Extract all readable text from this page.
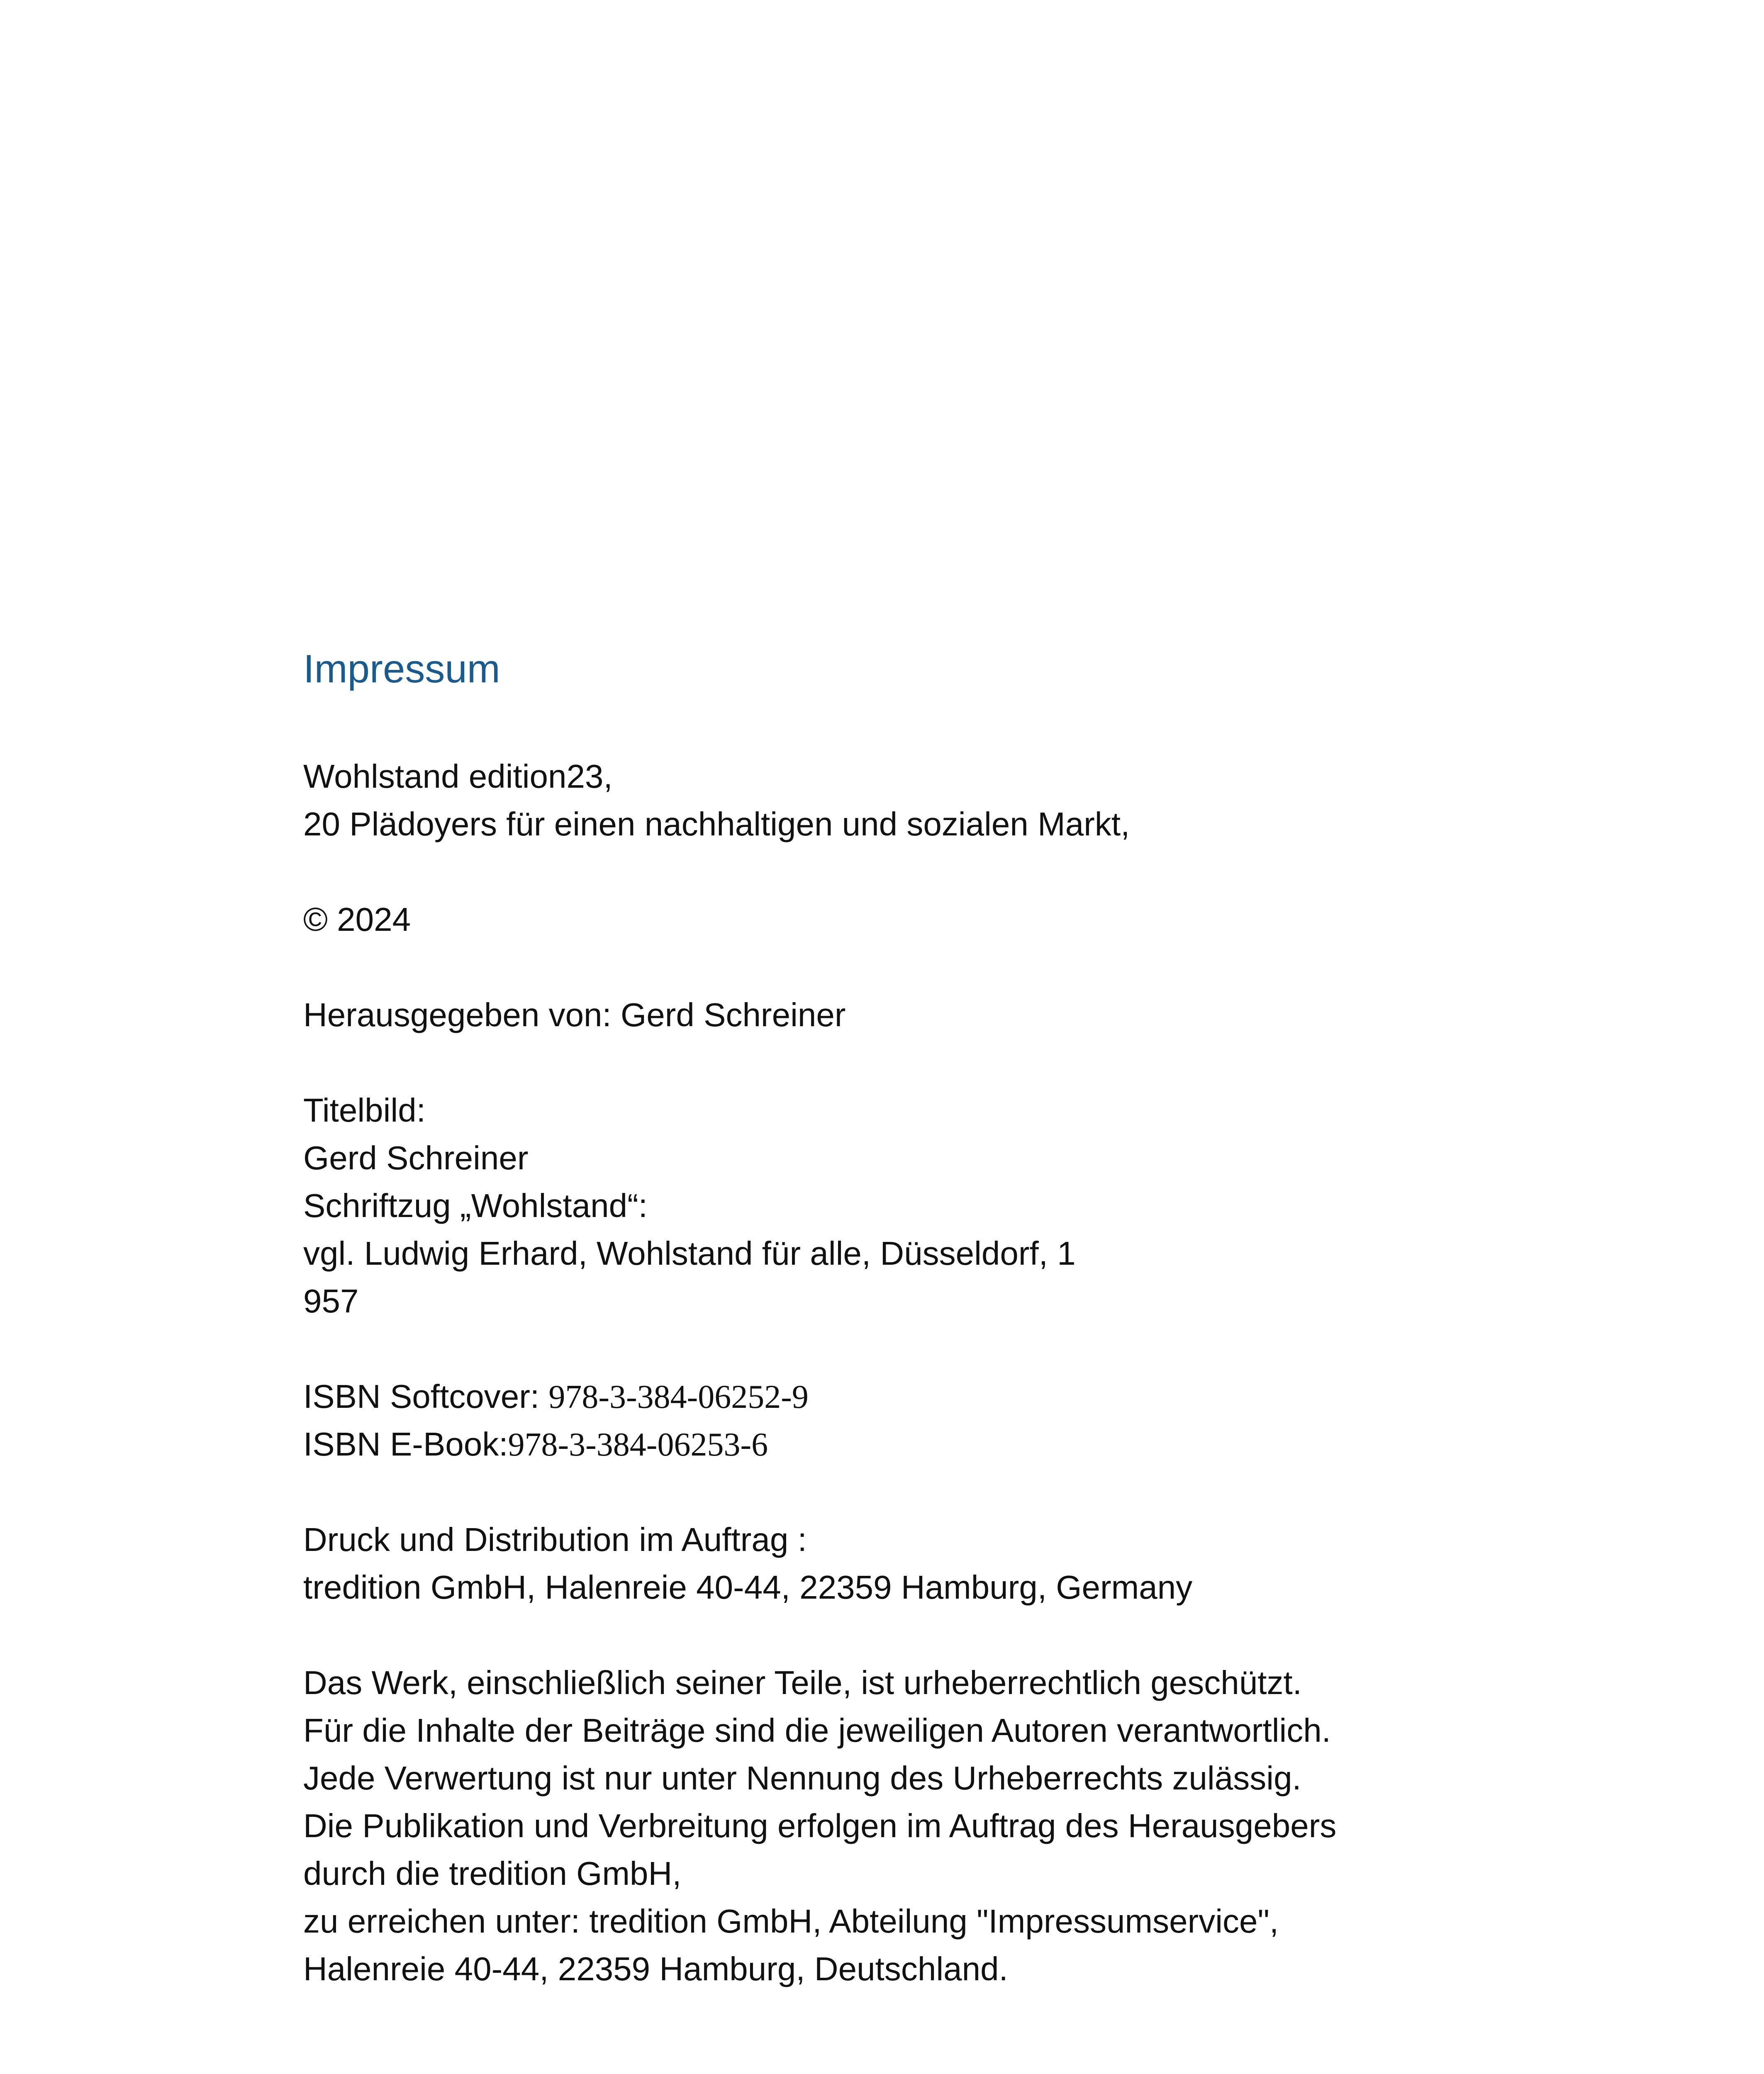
Impressum
Wohlstand edition23,
20 Plädoyers für einen nachhaltigen und sozialen Markt,
© 2024
Herausgegeben von: Gerd Schreiner
Titelbild:
Gerd Schreiner
Schriftzug „Wohlstand“:
vgl. Ludwig Erhard, Wohlstand für alle, Düsseldorf, 1
957
ISBN Softcover: 978-3-384-06252-9
ISBN E-Book:978-3-384-06253-6
Druck und Distribution im Auftrag :
tredition GmbH, Halenreie 40-44, 22359 Hamburg, Germany
Das Werk, einschließlich seiner Teile, ist urheberrechtlich geschützt.
Für die Inhalte der Beiträge sind die jeweiligen Autoren verantwortlich.
Jede Verwertung ist nur unter Nennung des Urheberrechts zulässig.
Die Publikation und Verbreitung erfolgen im Auftrag des Herausgebers
durch die tredition GmbH,
zu erreichen unter: tredition GmbH, Abteilung "Impressumservice",
Halenreie 40-44, 22359 Hamburg, Deutschland.
